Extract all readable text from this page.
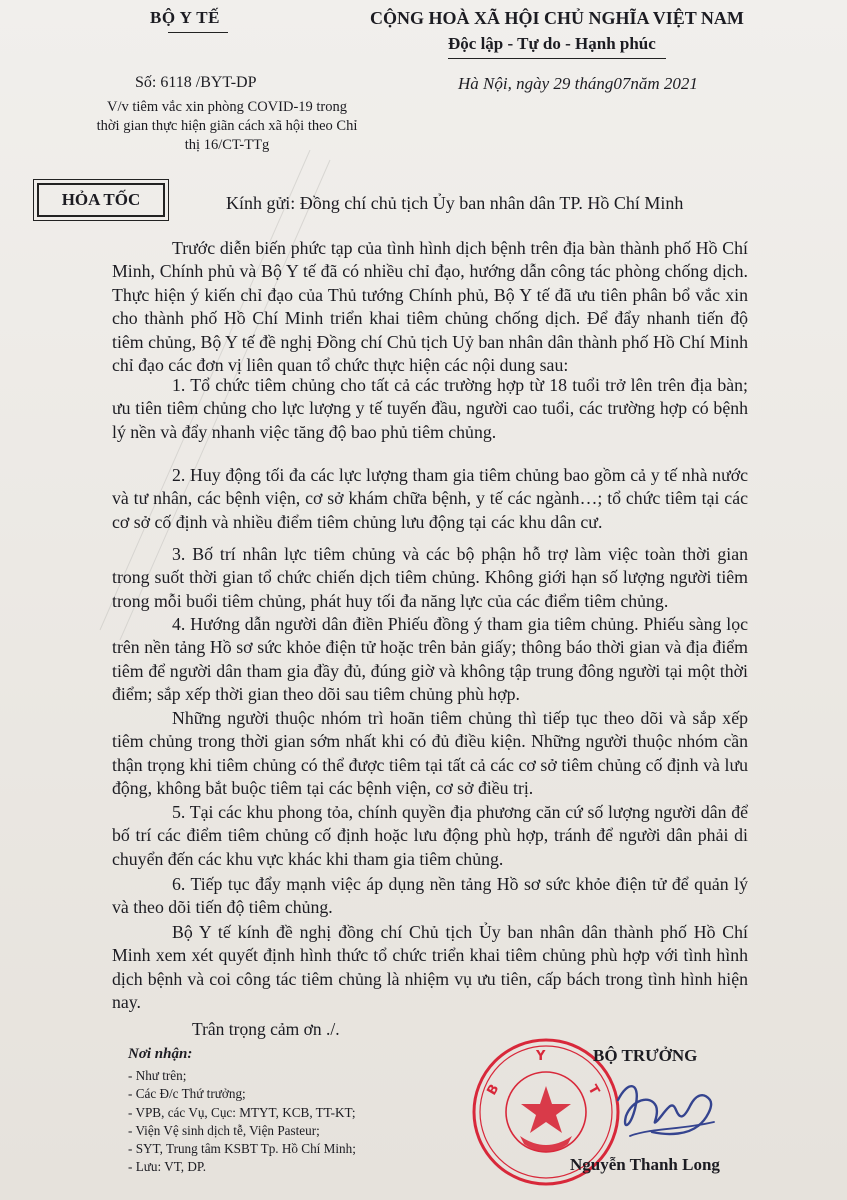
BỘ Y TẾ	CỘNG HOÀ XÃ HỘI CHỦ NGHĨA VIỆT NAM
Độc lập - Tự do - Hạnh phúc
Số: 6118 /BYT-DP	Hà Nội, ngày 29 tháng07năm 2021
V/v tiêm vắc xin phòng COVID-19 trong thời gian thực hiện giãn cách xã hội theo Chỉ thị 16/CT-TTg
HỎA TỐC	Kính gửi: Đồng chí chủ tịch Ủy ban nhân dân TP. Hồ Chí Minh

Trước diễn biến phức tạp của tình hình dịch bệnh trên địa bàn thành phố Hồ Chí Minh, Chính phủ và Bộ Y tế đã có nhiều chỉ đạo, hướng dẫn công tác phòng chống dịch. Thực hiện ý kiến chỉ đạo của Thủ tướng Chính phủ, Bộ Y tế đã ưu tiên phân bổ vắc xin cho thành phố Hồ Chí Minh triển khai tiêm chủng chống dịch. Để đẩy nhanh tiến độ tiêm chủng, Bộ Y tế đề nghị Đồng chí Chủ tịch Uỷ ban nhân dân thành phố Hồ Chí Minh chỉ đạo các đơn vị liên quan tổ chức thực hiện các nội dung sau:

1. Tổ chức tiêm chủng cho tất cả các trường hợp từ 18 tuổi trở lên trên địa bàn; ưu tiên tiêm chủng cho lực lượng y tế tuyến đầu, người cao tuổi, các trường hợp có bệnh lý nền và đẩy nhanh việc tăng độ bao phủ tiêm chủng.

2. Huy động tối đa các lực lượng tham gia tiêm chủng bao gồm cả y tế nhà nước và tư nhân, các bệnh viện, cơ sở khám chữa bệnh, y tế các ngành…; tổ chức tiêm tại các cơ sở cố định và nhiều điểm tiêm chủng lưu động tại các khu dân cư.

3. Bố trí nhân lực tiêm chủng và các bộ phận hỗ trợ làm việc toàn thời gian trong suốt thời gian tổ chức chiến dịch tiêm chủng. Không giới hạn số lượng người tiêm trong mỗi buổi tiêm chủng, phát huy tối đa năng lực của các điểm tiêm chủng.

4. Hướng dẫn người dân điền Phiếu đồng ý tham gia tiêm chủng. Phiếu sàng lọc trên nền tảng Hồ sơ sức khỏe điện tử hoặc trên bản giấy; thông báo thời gian và địa điểm tiêm để người dân tham gia đầy đủ, đúng giờ và không tập trung đông người tại một thời điểm; sắp xếp thời gian theo dõi sau tiêm chủng phù hợp.

Những người thuộc nhóm trì hoãn tiêm chủng thì tiếp tục theo dõi và sắp xếp tiêm chủng trong thời gian sớm nhất khi có đủ điều kiện. Những người thuộc nhóm cần thận trọng khi tiêm chủng có thể được tiêm tại tất cả các cơ sở tiêm chủng cố định và lưu động, không bắt buộc tiêm tại các bệnh viện, cơ sở điều trị.

5. Tại các khu phong tỏa, chính quyền địa phương căn cứ số lượng người dân để bố trí các điểm tiêm chủng cố định hoặc lưu động phù hợp, tránh để người dân phải di chuyển đến các khu vực khác khi tham gia tiêm chủng.

6. Tiếp tục đẩy mạnh việc áp dụng nền tảng Hồ sơ sức khỏe điện tử để quản lý và theo dõi tiến độ tiêm chủng.

Bộ Y tế kính đề nghị đồng chí Chủ tịch Ủy ban nhân dân thành phố Hồ Chí Minh xem xét quyết định hình thức tổ chức triển khai tiêm chủng phù hợp với tình hình dịch bệnh và coi công tác tiêm chủng là nhiệm vụ ưu tiên, cấp bách trong tình hình hiện nay.

Trân trọng cảm ơn ./.
Nơi nhận:
- Như trên;
- Các Đ/c Thứ trưởng;
- VPB, các Vụ, Cục: MTYT, KCB, TT-KT;
- Viện Vệ sinh dịch tễ, Viện Pasteur;
- SYT, Trung tâm KSBT Tp. Hồ Chí Minh;
- Lưu: VT, DP.
Y
B	T
BỘ TRƯỞNG
Nguyễn Thanh Long
